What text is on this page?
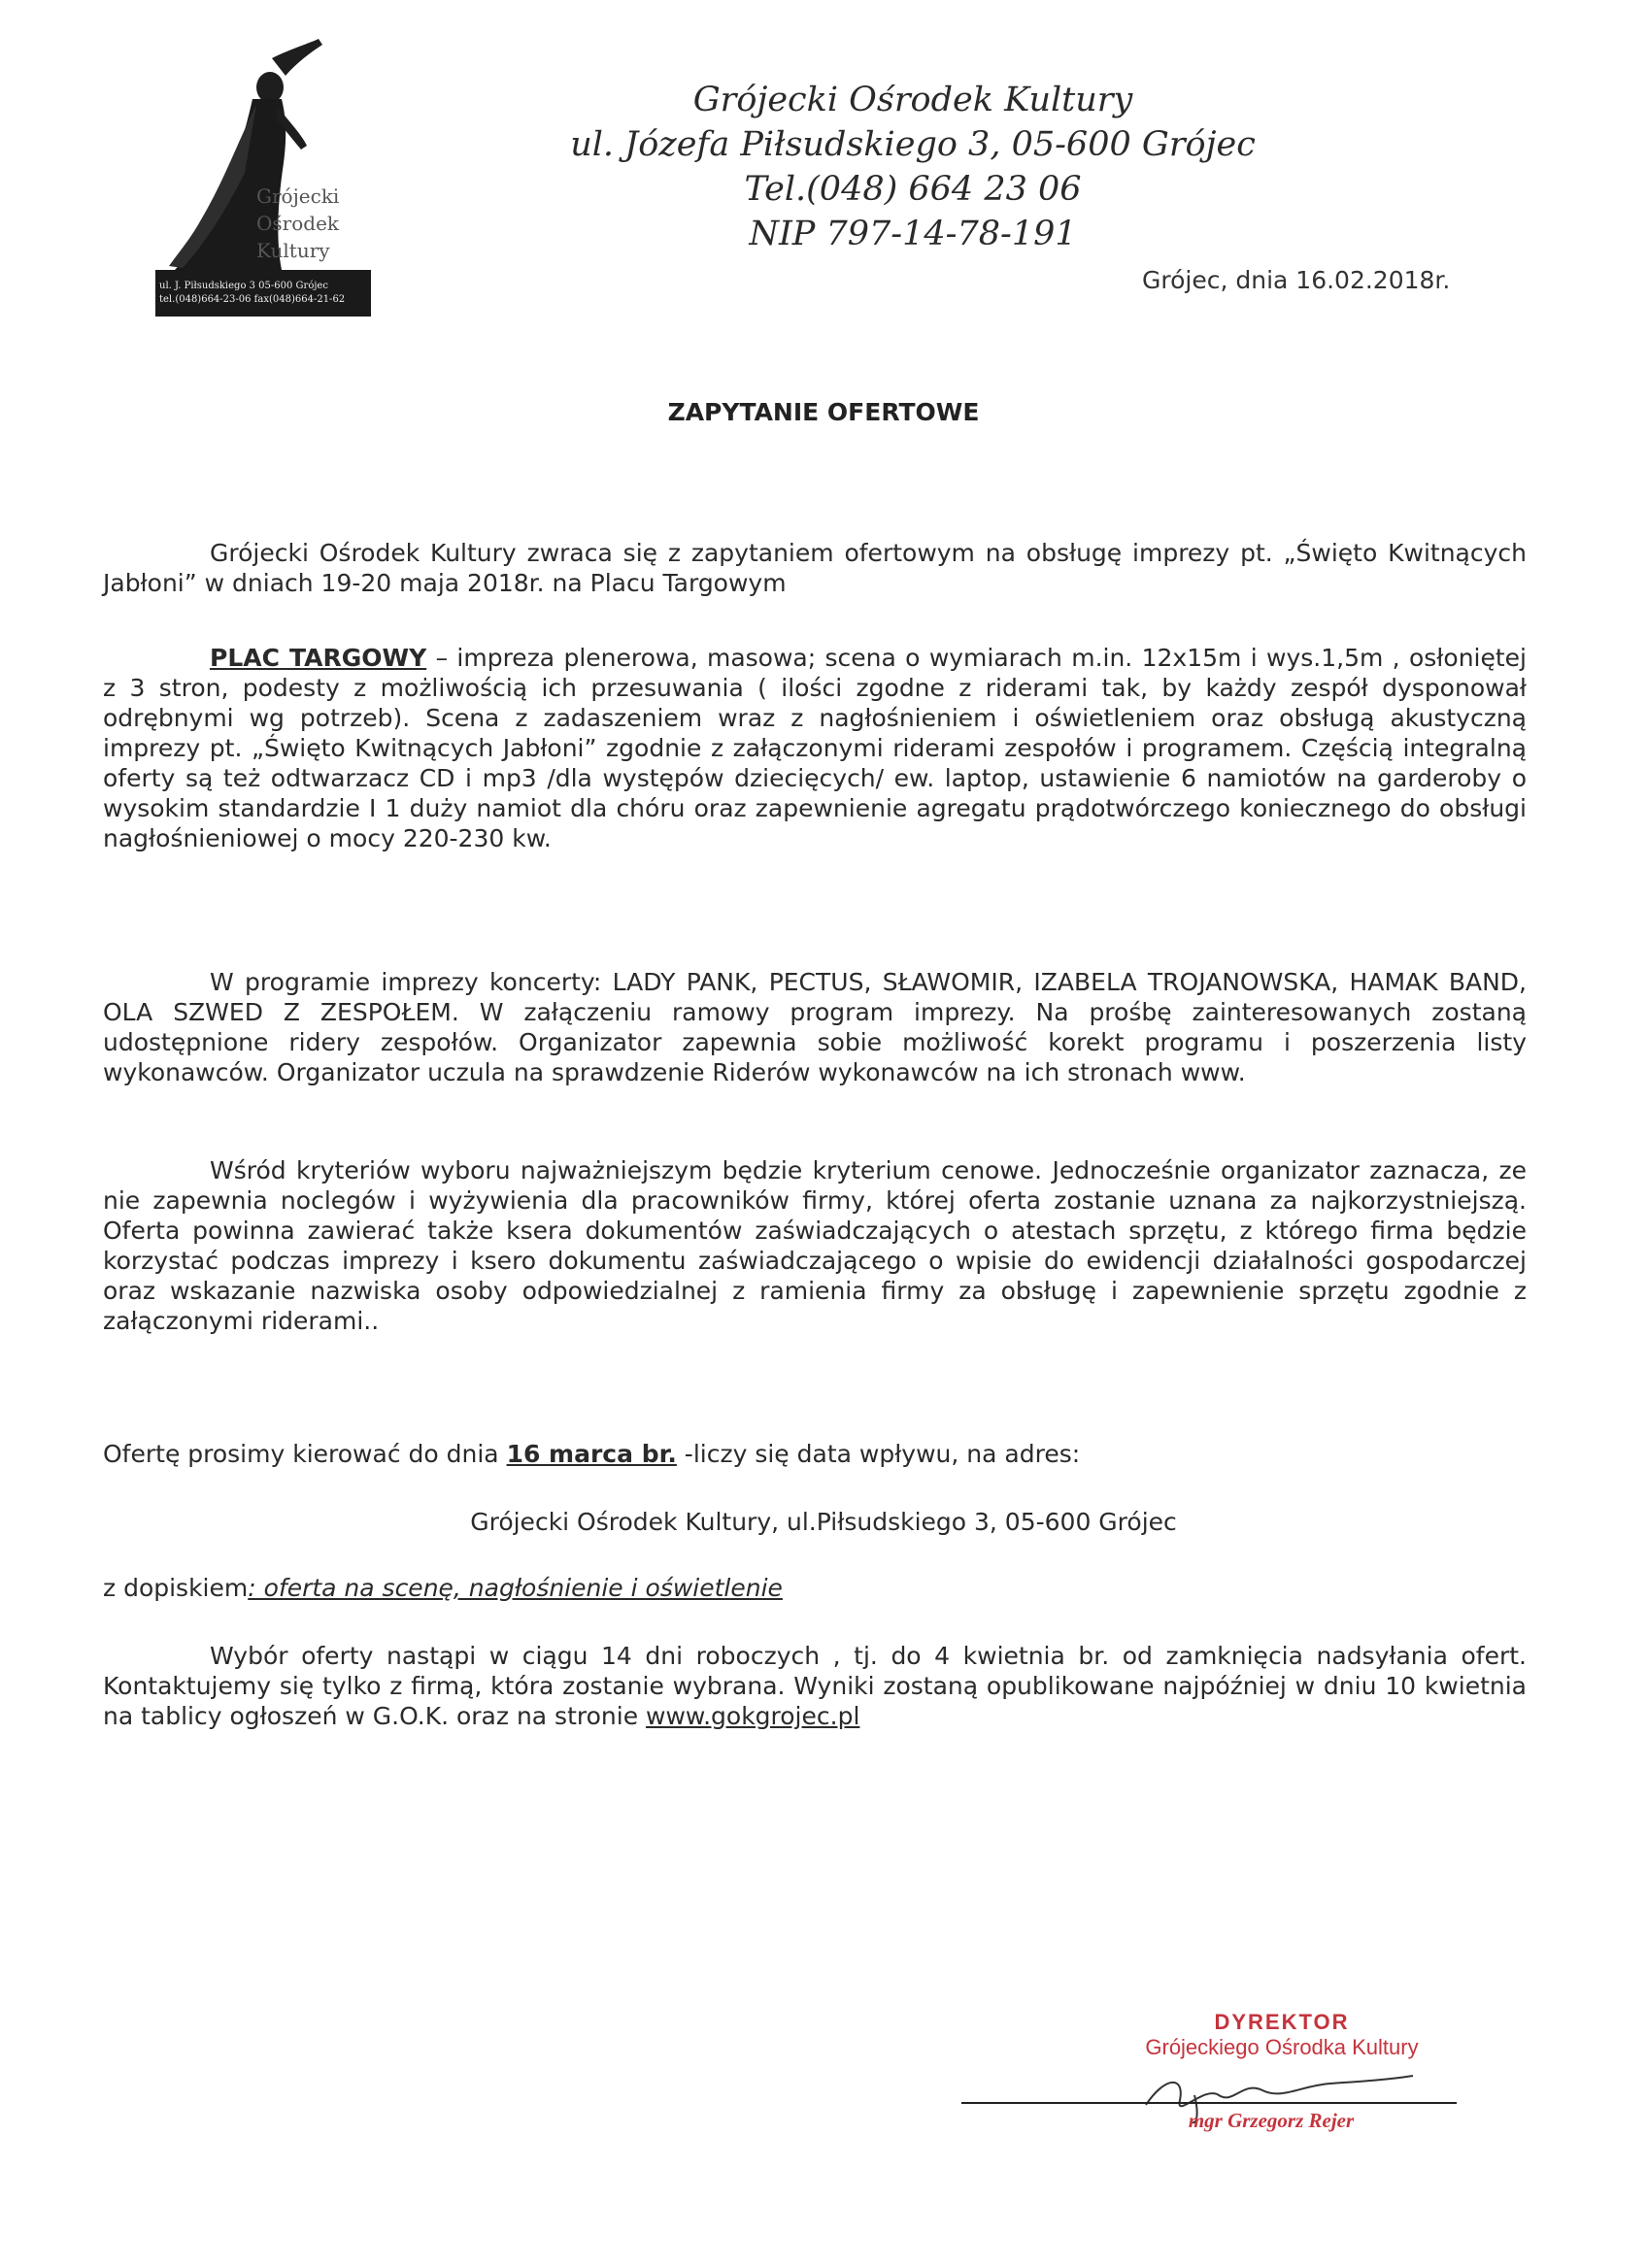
Grójecki
Ośrodek
Kultury
ul. J. Piłsudskiego 3 05-600 Grójec
tel.(048)664-23-06 fax(048)664-21-62
Grójecki Ośrodek Kultury
ul. Józefa Piłsudskiego 3, 05-600 Grójec
Tel.(048) 664 23 06
NIP 797-14-78-191
Grójec, dnia 16.02.2018r.
ZAPYTANIE OFERTOWE
Grójecki Ośrodek Kultury zwraca się z zapytaniem ofertowym na obsługę imprezy pt. „Święto Kwitnących Jabłoni” w dniach 19-20 maja 2018r. na Placu Targowym
PLAC TARGOWY – impreza plenerowa, masowa; scena o wymiarach m.in. 12x15m i wys.1,5m , osłoniętej z 3 stron, podesty z możliwością ich przesuwania ( ilości zgodne z riderami tak, by każdy zespół dysponował odrębnymi wg potrzeb). Scena z zadaszeniem wraz z nagłośnieniem i oświetleniem oraz obsługą akustyczną imprezy pt. „Święto Kwitnących Jabłoni” zgodnie z załączonymi riderami zespołów i programem. Częścią integralną oferty są też odtwarzacz CD i mp3 /dla występów dziecięcych/ ew. laptop, ustawienie 6 namiotów na garderoby o wysokim standardzie I 1 duży namiot dla chóru oraz zapewnienie agregatu prądotwórczego koniecznego do obsługi nagłośnieniowej o mocy 220-230 kw.
W programie imprezy koncerty: LADY PANK, PECTUS, SŁAWOMIR, IZABELA TROJANOWSKA, HAMAK BAND, OLA SZWED Z ZESPOŁEM. W załączeniu ramowy program imprezy. Na prośbę zainteresowanych zostaną udostępnione ridery zespołów. Organizator zapewnia sobie możliwość korekt programu i poszerzenia listy wykonawców. Organizator uczula na sprawdzenie Riderów wykonawców na ich stronach www.
Wśród kryteriów wyboru najważniejszym będzie kryterium cenowe. Jednocześnie organizator zaznacza, ze nie zapewnia noclegów i wyżywienia dla pracowników firmy, której oferta zostanie uznana za najkorzystniejszą. Oferta powinna zawierać także ksera dokumentów zaświadczających o atestach sprzętu, z którego firma będzie korzystać podczas imprezy i ksero dokumentu zaświadczającego o wpisie do ewidencji działalności gospodarczej oraz wskazanie nazwiska osoby odpowiedzialnej z ramienia firmy za obsługę i zapewnienie sprzętu zgodnie z załączonymi riderami..
Ofertę prosimy kierować do dnia 16 marca br. -liczy się data wpływu, na adres:
Grójecki Ośrodek Kultury, ul.Piłsudskiego 3, 05-600 Grójec
z dopiskiem: oferta na scenę, nagłośnienie i oświetlenie
Wybór oferty nastąpi w ciągu 14 dni roboczych , tj. do 4 kwietnia br. od zamknięcia nadsyłania ofert. Kontaktujemy się tylko z firmą, która zostanie wybrana. Wyniki zostaną opublikowane najpóźniej w dniu 10 kwietnia na tablicy ogłoszeń w G.O.K. oraz na stronie www.gokgrojec.pl
DYREKTOR
Grójeckiego Ośrodka Kultury
mgr Grzegorz Rejer
